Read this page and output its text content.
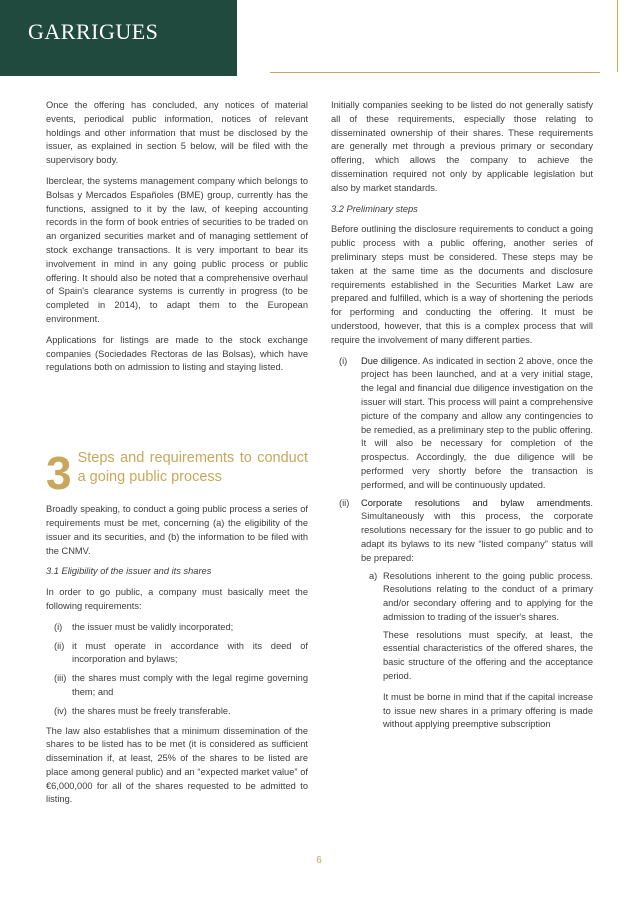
GARRIGUES

Once the offering has concluded, any notices of material events, periodical public information, notices of relevant holdings and other information that must be disclosed by the issuer, as explained in section 5 below, will be filed with the supervisory body.

Iberclear, the systems management company which belongs to Bolsas y Mercados Españoles (BME) group, currently has the functions, assigned to it by the law, of keeping accounting records in the form of book entries of securities to be traded on an organized securities market and of managing settlement of stock exchange transactions. It is very important to bear its involvement in mind in any going public process or public offering. It should also be noted that a comprehensive overhaul of Spain's clearance systems is currently in progress (to be completed in 2014), to adapt them to the European environment.

Applications for listings are made to the stock exchange companies (Sociedades Rectoras de las Bolsas), which have regulations both on admission to listing and staying listed.

3 Steps and requirements to conduct a going public process

Broadly speaking, to conduct a going public process a series of requirements must be met, concerning (a) the eligibility of the issuer and its securities, and (b) the information to be filed with the CNMV.

3.1 Eligibility of the issuer and its shares

In order to go public, a company must basically meet the following requirements:

(i)	the issuer must be validly incorporated;
(ii) it must operate in accordance with its deed of incorporation and bylaws;
(iii) the shares must comply with the legal regime governing them; and
(iv) the shares must be freely transferable.

The law also establishes that a minimum dissemination of the shares to be listed has to be met (it is considered as sufficient dissemination if, at least, 25% of the shares to be listed are place among general public) and an “expected market value” of €6,000,000 for all of the shares requested to be admitted to listing.

Initially companies seeking to be listed do not generally satisfy all of these requirements, especially those relating to disseminated ownership of their shares. These requirements are generally met through a previous primary or secondary offering, which allows the company to achieve the dissemination required not only by applicable legislation but also by market standards.

3.2 Preliminary steps

Before outlining the disclosure requirements to conduct a going public process with a public offering, another series of preliminary steps must be considered. These steps may be taken at the same time as the documents and disclosure requirements established in the Securities Market Law are prepared and fulfilled, which is a way of shortening the periods for performing and conducting the offering. It must be understood, however, that this is a complex process that will require the involvement of many different parties.

(i)	Due diligence. As indicated in section 2 above, once the project has been launched, and at a very initial stage, the legal and financial due diligence investigation on the issuer will start. This process will paint a comprehensive picture of the company and allow any contingencies to be remedied, as a preliminary step to the public offering. It will also be necessary for completion of the prospectus. Accordingly, the due diligence will be performed very shortly before the transaction is performed, and will be continuously updated.
(ii)	Corporate resolutions and bylaw amendments. Simultaneously with this process, the corporate resolutions necessary for the issuer to go public and to adapt its bylaws to its new “listed company” status will be prepared:
a) Resolutions inherent to the going public process. Resolutions relating to the conduct of a primary and/or secondary offering and to applying for the admission to trading of the issuer's shares.

These resolutions must specify, at least, the essential characteristics of the offered shares, the basic structure of the offering and the acceptance period.

It must be borne in mind that if the capital increase to issue new shares in a primary offering is made without applying preemptive subscription

6
